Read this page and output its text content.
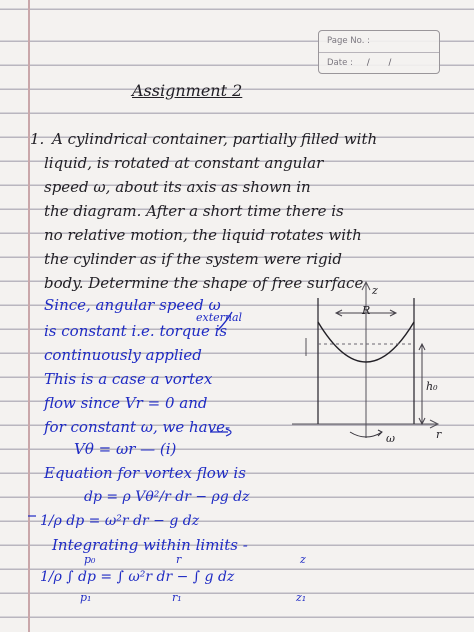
Page No. :
Date : / /
Assignment 2
1. A cylindrical container, partially filled with
liquid, is rotated at constant angular
speed ω, about its axis as shown in
the diagram. After a short time there is
no relative motion, the liquid rotates with
the cylinder as if the system were rigid
body. Determine the shape of free surface
Since, angular speed ω
external
is constant i.e. torque is
continuously applied
This is a case a vortex
flow since Vr = 0 and
for constant ω, we have-
Vθ = ωr — (i)
Equation for vortex flow is
dp = ρ Vθ²/r dr − ρg dz
1/ρ dp = ω²r dr − g dz
Integrating within limits -
1/ρ ∫ dp = ∫ ω²r dr − ∫ g dz
p₀
p₁
r
r₁
z
z₁
z
r
R
h₀
ω
